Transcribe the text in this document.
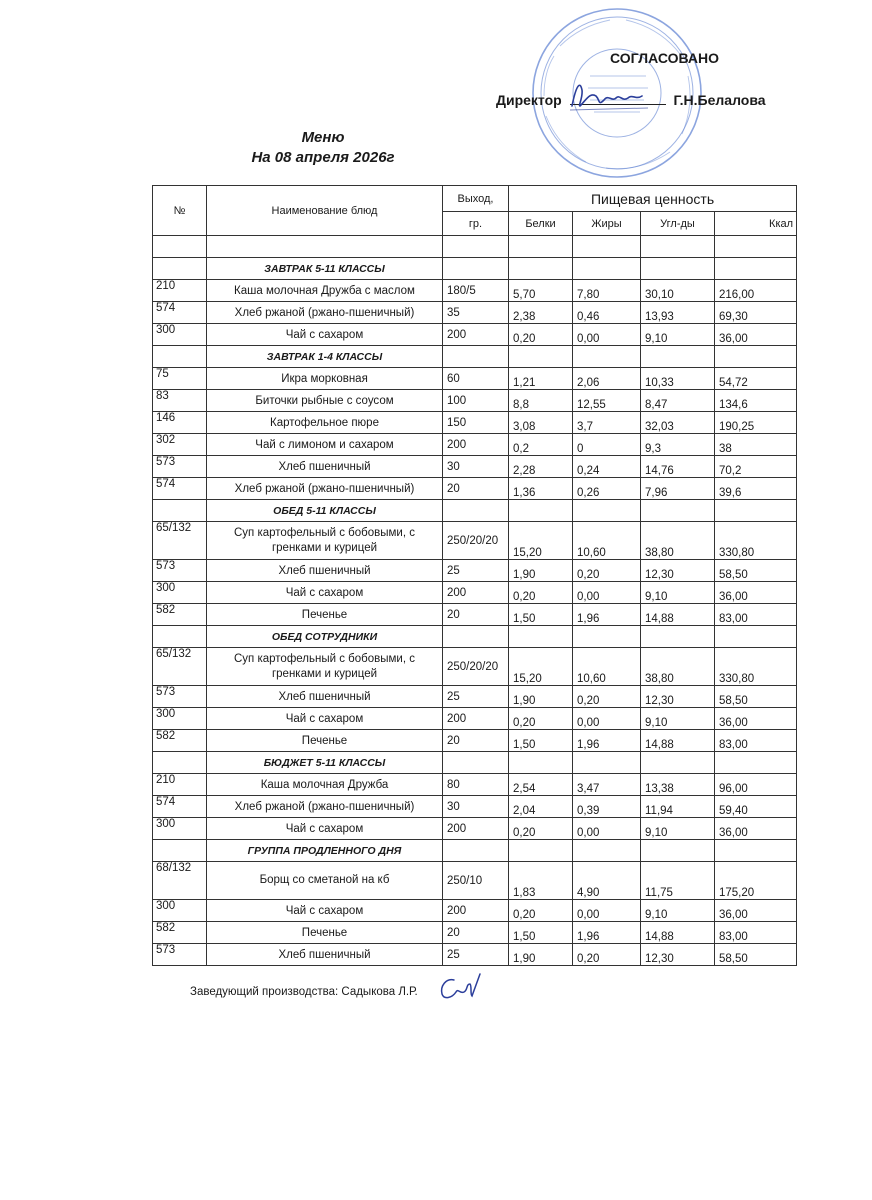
СОГЛАСОВАНО
Директор	Г.Н.Белалова
Меню
На 08 апреля 2026г
№	Наименование блюд	Выход,	Пищевая ценность			
		гр.	Белки	Жиры	Угл-ды	Ккал

	ЗАВТРАК 5-11 КЛАССЫ					
210	Каша молочная Дружба с маслом	180/5	5,70	7,80	30,10	216,00
574	Хлеб ржаной (ржано-пшеничный)	35	2,38	0,46	13,93	69,30
300	Чай с сахаром	200	0,20	0,00	9,10	36,00
	ЗАВТРАК 1-4 КЛАССЫ					
75	Икра морковная	60	1,21	2,06	10,33	54,72
83	Биточки рыбные с соусом	100	8,8	12,55	8,47	134,6
146	Картофельное пюре	150	3,08	3,7	32,03	190,25
302	Чай с лимоном и сахаром	200	0,2	0	9,3	38
573	Хлеб пшеничный	30	2,28	0,24	14,76	70,2
574	Хлеб ржаной (ржано-пшеничный)	20	1,36	0,26	7,96	39,6
	ОБЕД 5-11 КЛАССЫ					
65/132	Суп картофельный с бобовыми, с гренками и курицей	250/20/20	15,20	10,60	38,80	330,80
573	Хлеб пшеничный	25	1,90	0,20	12,30	58,50
300	Чай с сахаром	200	0,20	0,00	9,10	36,00
582	Печенье	20	1,50	1,96	14,88	83,00
	ОБЕД СОТРУДНИКИ					
65/132	Суп картофельный с бобовыми, с гренками и курицей	250/20/20	15,20	10,60	38,80	330,80
573	Хлеб пшеничный	25	1,90	0,20	12,30	58,50
300	Чай с сахаром	200	0,20	0,00	9,10	36,00
582	Печенье	20	1,50	1,96	14,88	83,00
	БЮДЖЕТ 5-11 КЛАССЫ					
210	Каша молочная Дружба	80	2,54	3,47	13,38	96,00
574	Хлеб ржаной (ржано-пшеничный)	30	2,04	0,39	11,94	59,40
300	Чай с сахаром	200	0,20	0,00	9,10	36,00
	ГРУППА ПРОДЛЕННОГО ДНЯ					
68/132	Борщ со сметаной на кб	250/10	1,83	4,90	11,75	175,20
300	Чай с сахаром	200	0,20	0,00	9,10	36,00
582	Печенье	20	1,50	1,96	14,88	83,00
573	Хлеб пшеничный	25	1,90	0,20	12,30	58,50
Заведующий производства: Садыкова Л.Р.
